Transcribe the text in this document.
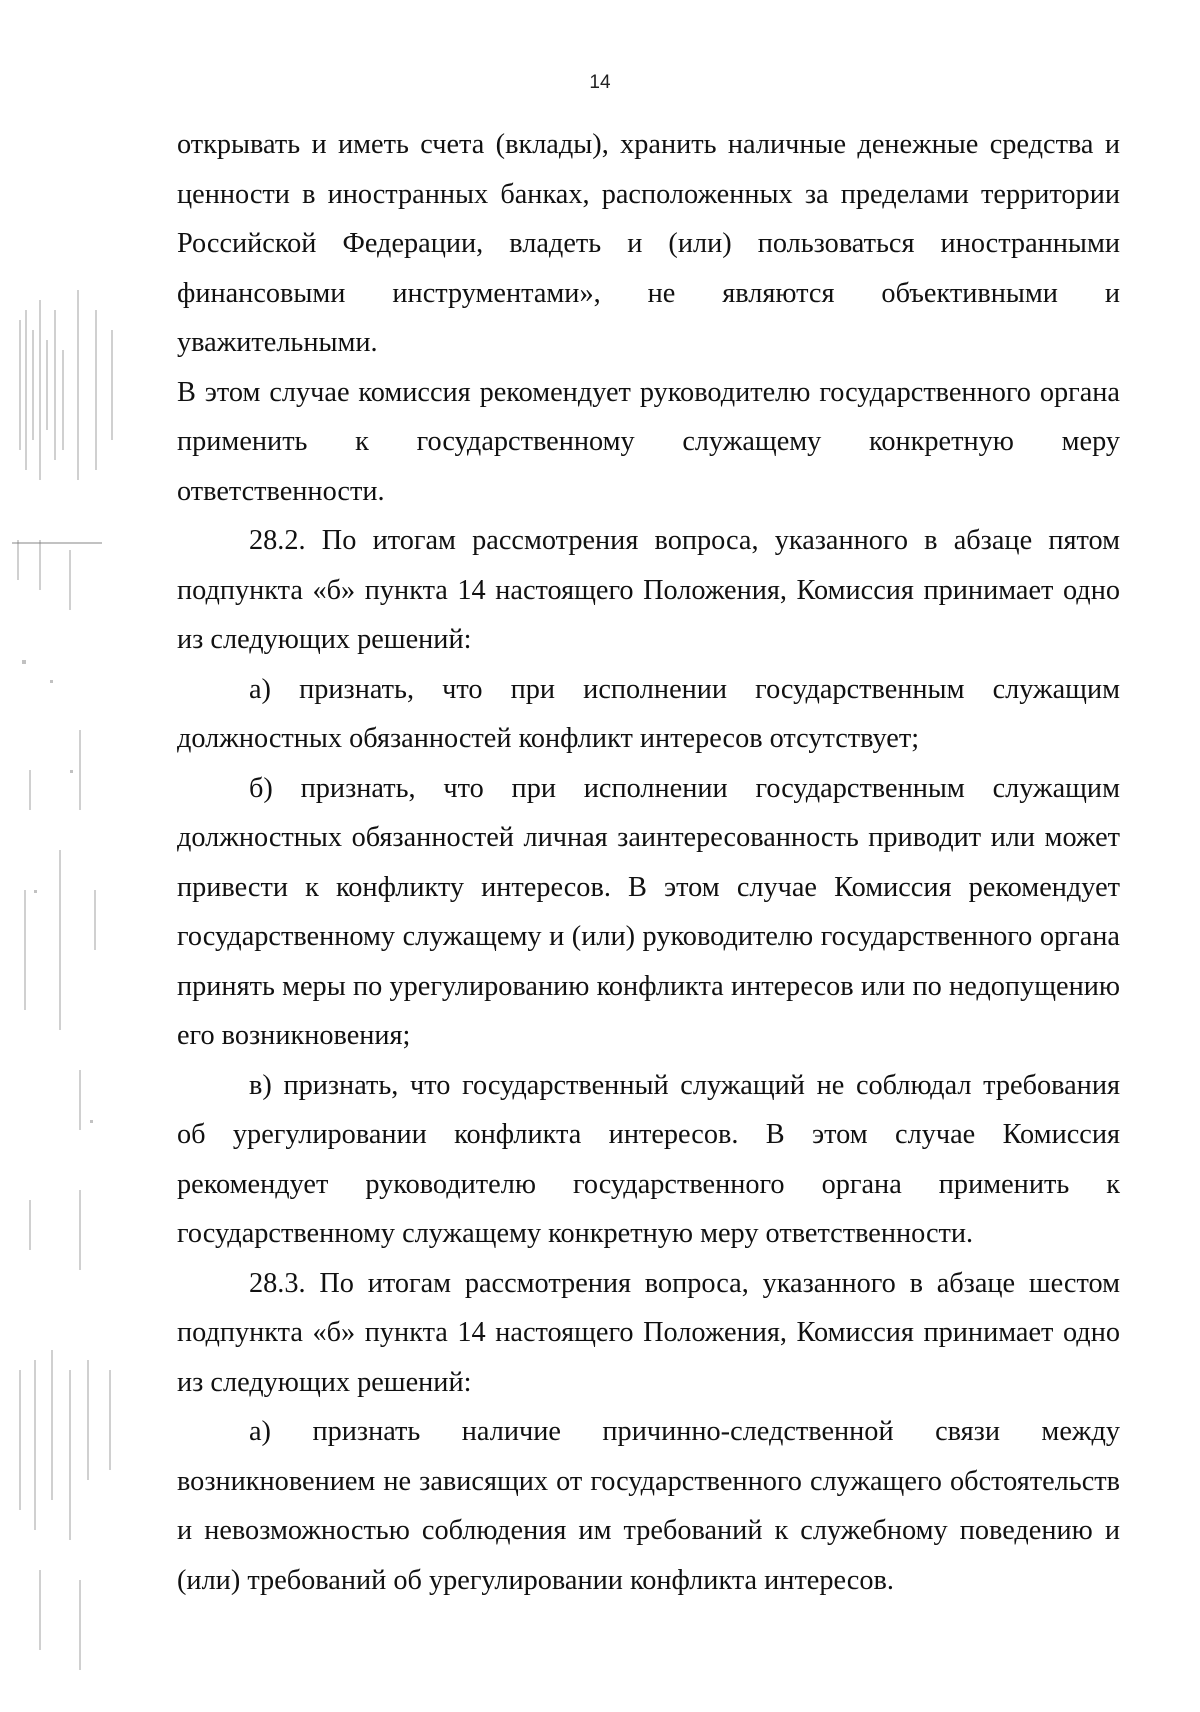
14

открывать и иметь счета (вклады), хранить наличные денежные средства и ценности в иностранных банках, расположенных за пределами территории Российской Федерации, владеть и (или) пользоваться иностранными финансовыми инструментами», не являются объективными и уважительными.

В этом случае комиссия рекомендует руководителю государственного органа применить к государственному служащему конкретную меру ответственности.

28.2. По итогам рассмотрения вопроса, указанного в абзаце пятом подпункта «б» пункта 14 настоящего Положения, Комиссия принимает одно из следующих решений:

а) признать, что при исполнении государственным служащим должностных обязанностей конфликт интересов отсутствует;

б) признать, что при исполнении государственным служащим должностных обязанностей личная заинтересованность приводит или может привести к конфликту интересов. В этом случае Комиссия рекомендует государственному служащему и (или) руководителю государственного органа принять меры по урегулированию конфликта интересов или по недопущению его возникновения;

в) признать, что государственный служащий не соблюдал требования об урегулировании конфликта интересов. В этом случае Комиссия рекомендует руководителю государственного органа применить к государственному служащему конкретную меру ответственности.

28.3. По итогам рассмотрения вопроса, указанного в абзаце шестом подпункта «б» пункта 14 настоящего Положения, Комиссия принимает одно из следующих решений:

а) признать наличие причинно-следственной связи между возникновением не зависящих от государственного служащего обстоятельств и невозможностью соблюдения им требований к служебному поведению и (или) требований об урегулировании конфликта интересов.
